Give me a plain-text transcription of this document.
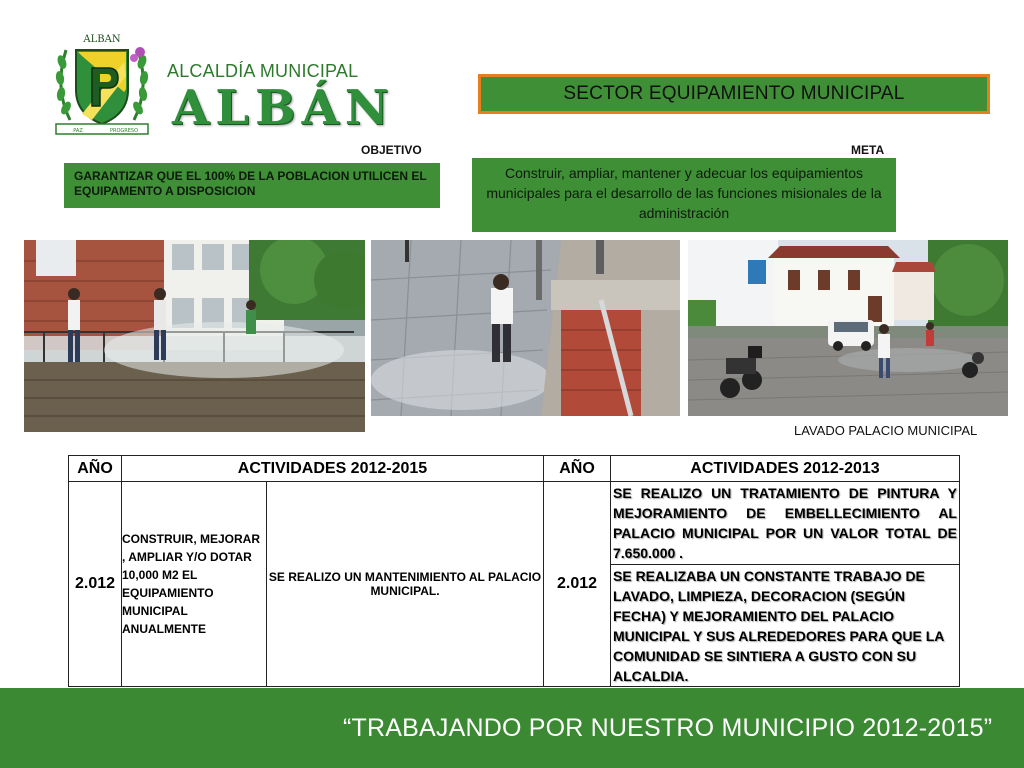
ALBAN
PAZ	PROGRESO
ALCALDÍA MUNICIPAL
ALBÁN	SECTOR EQUIPAMIENTO MUNICIPAL
OBJETIVO	META
GARANTIZAR QUE EL 100% DE LA POBLACION UTILICEN EL EQUIPAMENTO A DISPOSICION
Construir, ampliar, mantener y adecuar los equipamientos municipales para el desarrollo de las funciones misionales de la administración
LAVADO PALACIO MUNICIPAL
AÑO	ACTIVIDADES 2012-2015		AÑO	ACTIVIDADES 2012-2013
2.012	CONSTRUIR, MEJORAR , AMPLIAR Y/O DOTAR 10,000 M2 EL EQUIPAMIENTO MUNICIPAL ANUALMENTE	SE REALIZO UN MANTENIMIENTO AL PALACIO MUNICIPAL.	2.012	SE REALIZO UN TRATAMIENTO DE PINTURA Y MEJORAMIENTO DE EMBELLECIMIENTO AL PALACIO MUNICIPAL POR UN VALOR TOTAL DE 7.650.000 .
				SE REALIZABA UN CONSTANTE TRABAJO DE LAVADO, LIMPIEZA, DECORACION (SEGÚN FECHA) Y MEJORAMIENTO DEL PALACIO MUNICIPAL Y SUS ALREDEDORES PARA QUE LA COMUNIDAD SE SINTIERA A GUSTO CON SU ALCALDIA.
“TRABAJANDO POR NUESTRO MUNICIPIO 2012-2015”
